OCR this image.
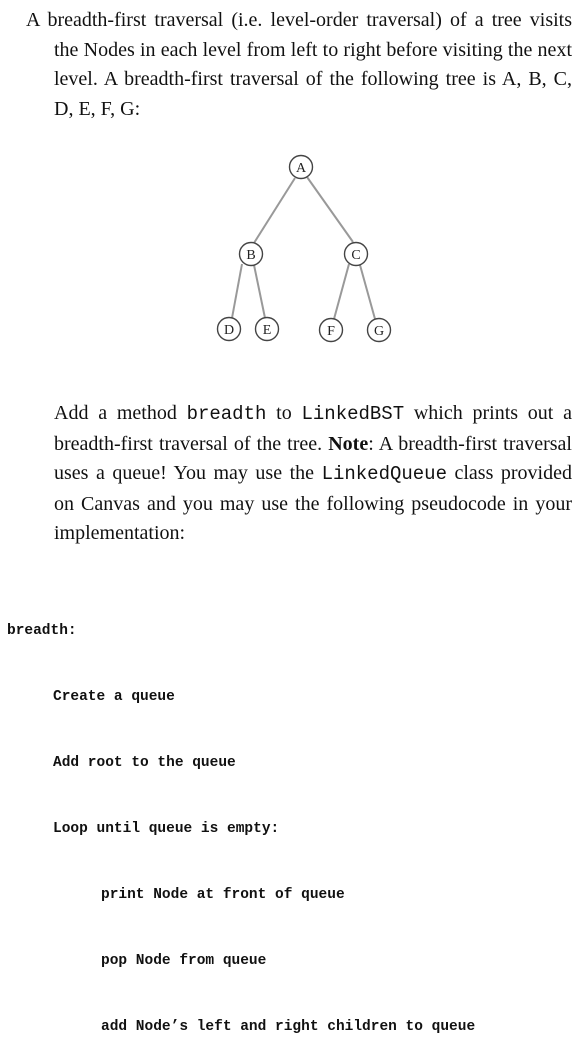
A breadth-first traversal (i.e. level-order traversal) of a tree visits the Nodes in each level from left to right before visiting the next level. A breadth-first traversal of the following tree is A, B, C, D, E, F, G:
A
B	C
D E	F	G
Add a method breadth to LinkedBST which prints out a breadth-first traversal of the tree. Note: A breadth-first traversal uses a queue! You may use the LinkedQueue class provided on Canvas and you may use the following pseudocode in your implementation:

breadth:

Create a queue

Add root to the queue

Loop until queue is empty:

print Node at front of queue

pop Node from queue

add Node’s left and right children to queue
